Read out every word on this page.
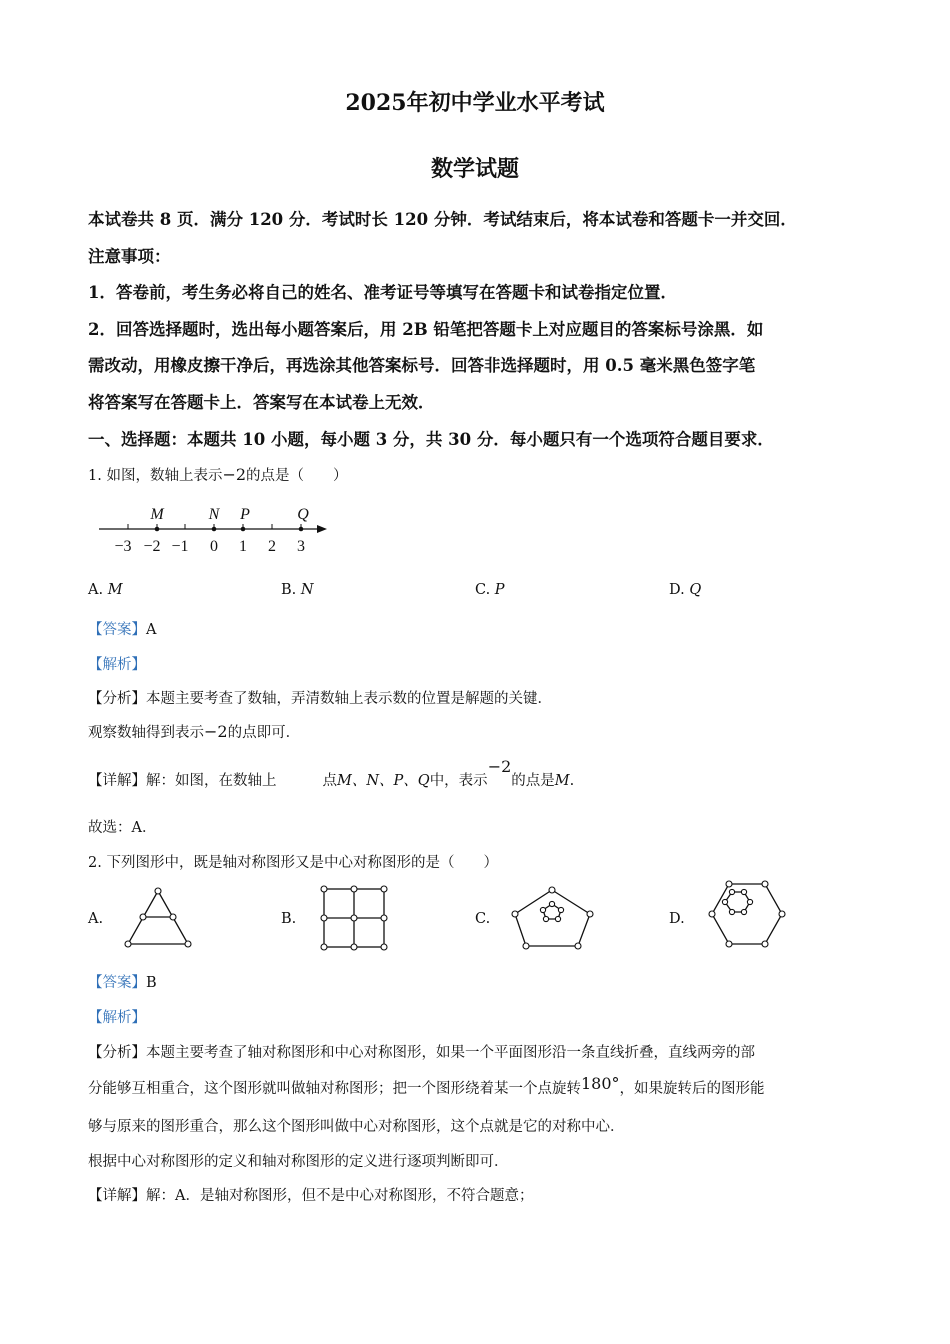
2025年初中学业水平考试
数学试题
本试卷共 8 页．满分 120 分．考试时长 120 分钟．考试结束后，将本试卷和答题卡一并交回．
注意事项：
1．答卷前，考生务必将自己的姓名、准考证号等填写在答题卡和试卷指定位置．
2．回答选择题时，选出每小题答案后，用 2B 铅笔把答题卡上对应题目的答案标号涂黑．如
需改动，用橡皮擦干净后，再选涂其他答案标号．回答非选择题时，用 0.5 毫米黑色签字笔
将答案写在答题卡上．答案写在本试卷上无效．
一、选择题：本题共 10 小题，每小题 3 分，共 30 分．每小题只有一个选项符合题目要求．
1. 如图，数轴上表示−2的点是（　　）
M	N P	Q
−3 −2 −1 0 1 2 3
A. M	B. N	C. P	D. Q
【答案】A
【解析】
【分析】本题主要考查了数轴，弄清数轴上表示数的位置是解题的关键．
观察数轴得到表示−2的点即可．
【详解】解：如图，在数轴上	点M、N、P、Q中，表示−2的点是M.
故选：A．
2. 下列图形中，既是轴对称图形又是中心对称图形的是（　　）
A.	B.	C.	D.
【答案】B
【解析】
【分析】本题主要考查了轴对称图形和中心对称图形，如果一个平面图形沿一条直线折叠，直线两旁的部
分能够互相重合，这个图形就叫做轴对称图形；把一个图形绕着某一个点旋转180°，如果旋转后的图形能
够与原来的图形重合，那么这个图形叫做中心对称图形，这个点就是它的对称中心．
根据中心对称图形的定义和轴对称图形的定义进行逐项判断即可．
【详解】解：A．是轴对称图形，但不是中心对称图形，不符合题意；
